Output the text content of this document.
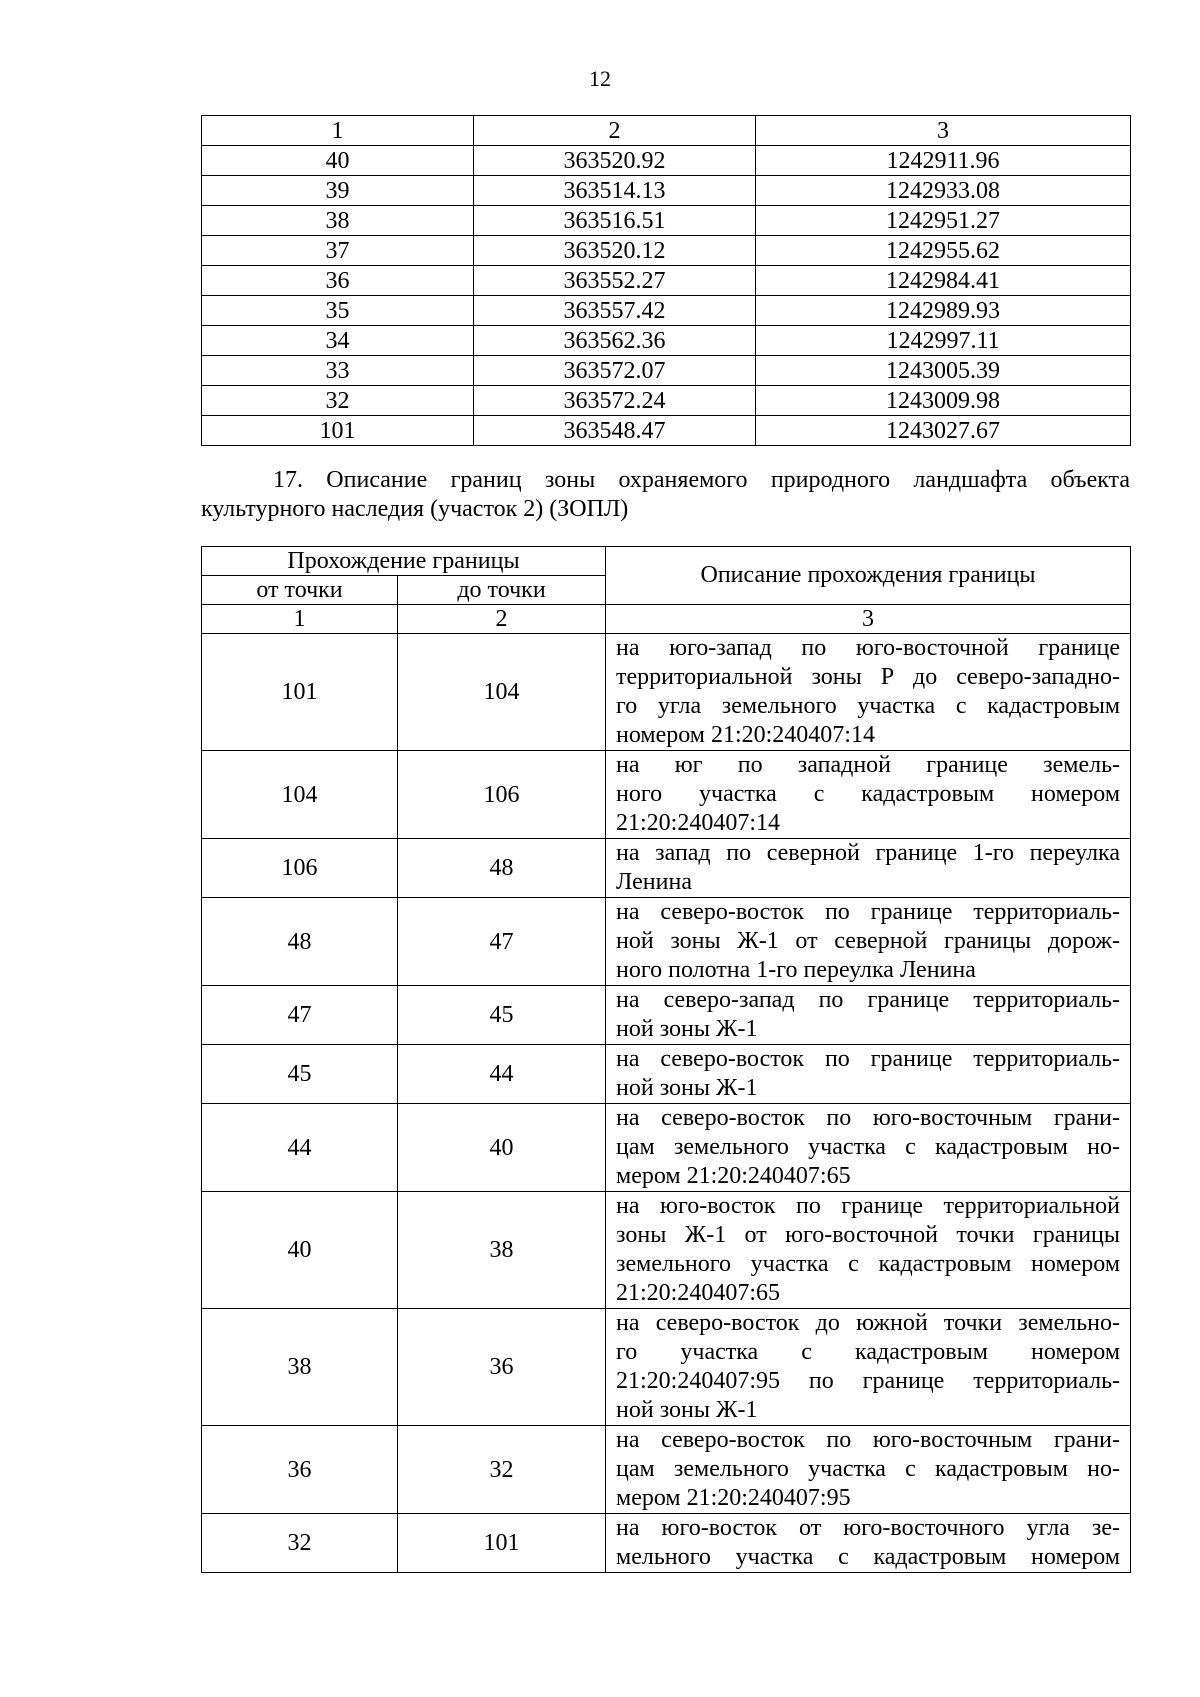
12
1	2	3
40	363520.92	1242911.96
39	363514.13	1242933.08
38	363516.51	1242951.27
37	363520.12	1242955.62
36	363552.27	1242984.41
35	363557.42	1242989.93
34	363562.36	1242997.11
33	363572.07	1243005.39
32	363572.24	1243009.98
101	363548.47	1243027.67
17. Описание границ зоны охраняемого природного ландшафта объекта культурного наследия (участок 2) (ЗОПЛ)
Прохождение границы		Описание прохождения границы
от точки	до точки	
1	2	3
101	104	на юго-запад по юго-восточной границе
территориальной зоны Р до северо-западно-
го угла земельного участка с кадастровым
номером 21:20:240407:14

104	106	на юг по западной границе земель-
ного участка с кадастровым номером
21:20:240407:14

106	48	на запад по северной границе 1-го переулка
Ленина

48	47	на северо-восток по границе территориаль-
ной зоны Ж-1 от северной границы дорож-
ного полотна 1-го переулка Ленина

47	45	на северо-запад по границе территориаль-
ной зоны Ж-1

45	44	на северо-восток по границе территориаль-
ной зоны Ж-1

44	40	на северо-восток по юго-восточным грани-
цам земельного участка с кадастровым но-
мером 21:20:240407:65

40	38	на юго-восток по границе территориальной
зоны Ж-1 от юго-восточной точки границы
земельного участка с кадастровым номером
21:20:240407:65

38	36	на северо-восток до южной точки земельно-
го участка с кадастровым номером
21:20:240407:95 по границе территориаль-
ной зоны Ж-1

36	32	на северо-восток по юго-восточным грани-
цам земельного участка с кадастровым но-
мером 21:20:240407:95

32	101	на юго-восток от юго-восточного угла зе-
мельного участка с кадастровым номером
